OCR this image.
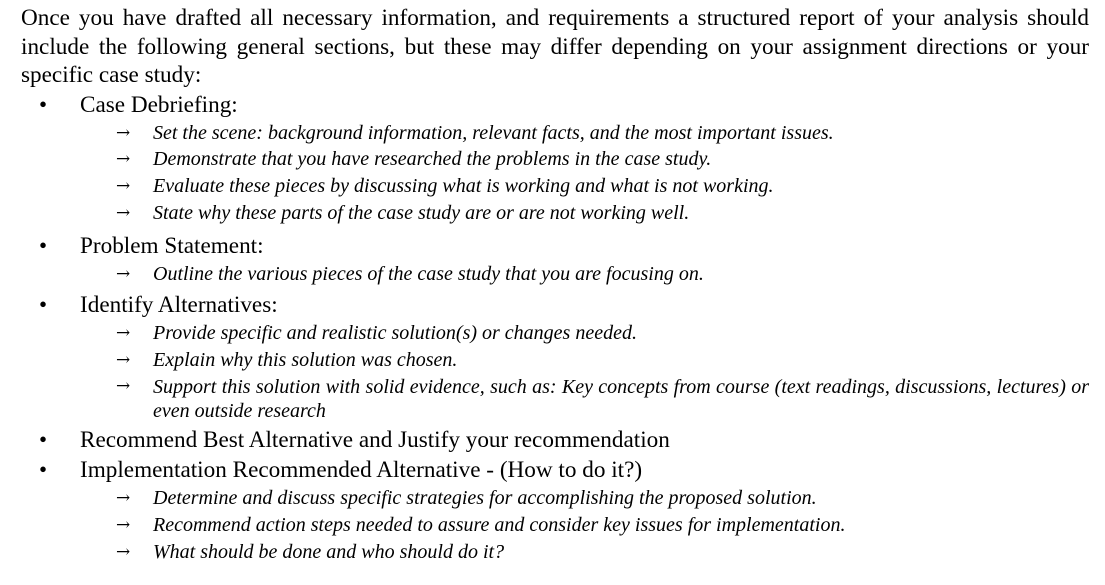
Once you have drafted all necessary information, and requirements a structured report of your analysis should include the following general sections, but these may differ depending on your assignment directions or your specific case study:

• Case Debriefing:
→ Set the scene: background information, relevant facts, and the most important issues.
→ Demonstrate that you have researched the problems in the case study.
→ Evaluate these pieces by discussing what is working and what is not working.
→ State why these parts of the case study are or are not working well.
• Problem Statement:
→ Outline the various pieces of the case study that you are focusing on.
• Identify Alternatives:
→ Provide specific and realistic solution(s) or changes needed.
→ Explain why this solution was chosen.
→ Support this solution with solid evidence, such as: Key concepts from course (text readings, discussions, lectures) or even outside research
• Recommend Best Alternative and Justify your recommendation
• Implementation Recommended Alternative - (How to do it?)
→ Determine and discuss specific strategies for accomplishing the proposed solution.
→ Recommend action steps needed to assure and consider key issues for implementation.
→ What should be done and who should do it?
